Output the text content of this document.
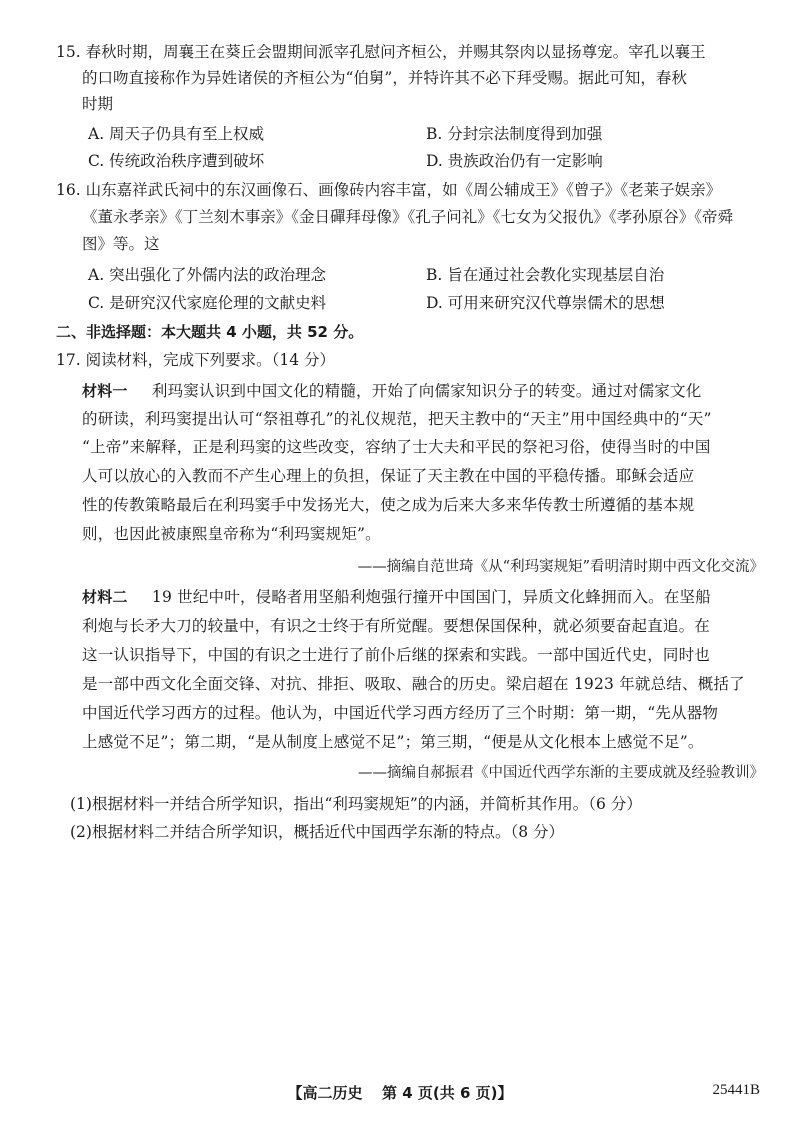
15. 春秋时期，周襄王在葵丘会盟期间派宰孔慰问齐桓公，并赐其祭肉以显扬尊宠。宰孔以襄王
的口吻直接称作为异姓诸侯的齐桓公为“伯舅”，并特许其不必下拜受赐。据此可知，春秋
时期
A. 周天子仍具有至上权威	B. 分封宗法制度得到加强
C. 传统政治秩序遭到破坏	D. 贵族政治仍有一定影响
16. 山东嘉祥武氏祠中的东汉画像石、画像砖内容丰富，如《周公辅成王》《曾子》《老莱子娱亲》
《董永孝亲》《丁兰刻木事亲》《金日磾拜母像》《孔子问礼》《七女为父报仇》《孝孙原谷》《帝舜
图》等。这
A. 突出强化了外儒内法的政治理念	B. 旨在通过社会教化实现基层自治
C. 是研究汉代家庭伦理的文献史料	D. 可用来研究汉代尊崇儒术的思想
二、非选择题：本大题共 4 小题，共 52 分。
17. 阅读材料，完成下列要求。（14 分）
材料一 利玛窦认识到中国文化的精髓，开始了向儒家知识分子的转变。通过对儒家文化
的研读，利玛窦提出认可“祭祖尊孔”的礼仪规范，把天主教中的“天主”用中国经典中的“天”
“上帝”来解释，正是利玛窦的这些改变，容纳了士大夫和平民的祭祀习俗，使得当时的中国
人可以放心的入教而不产生心理上的负担，保证了天主教在中国的平稳传播。耶稣会适应
性的传教策略最后在利玛窦手中发扬光大，使之成为后来大多来华传教士所遵循的基本规
则，也因此被康熙皇帝称为“利玛窦规矩”。
——摘编自范世琦《从“利玛窦规矩”看明清时期中西文化交流》
材料二 19 世纪中叶，侵略者用坚船利炮强行撞开中国国门，异质文化蜂拥而入。在坚船
利炮与长矛大刀的较量中，有识之士终于有所觉醒。要想保国保种，就必须要奋起直追。在
这一认识指导下，中国的有识之士进行了前仆后继的探索和实践。一部中国近代史，同时也
是一部中西文化全面交锋、对抗、排拒、吸取、融合的历史。梁启超在 1923 年就总结、概括了
中国近代学习西方的过程。他认为，中国近代学习西方经历了三个时期：第一期，“先从器物
上感觉不足”；第二期，“是从制度上感觉不足”；第三期，“便是从文化根本上感觉不足”。
——摘编自郝振君《中国近代西学东渐的主要成就及经验教训》
(1)根据材料一并结合所学知识，指出“利玛窦规矩”的内涵，并简析其作用。（6 分）
(2)根据材料二并结合所学知识，概括近代中国西学东渐的特点。（8 分）
【高二历史 第 4 页(共 6 页)】	25441B
